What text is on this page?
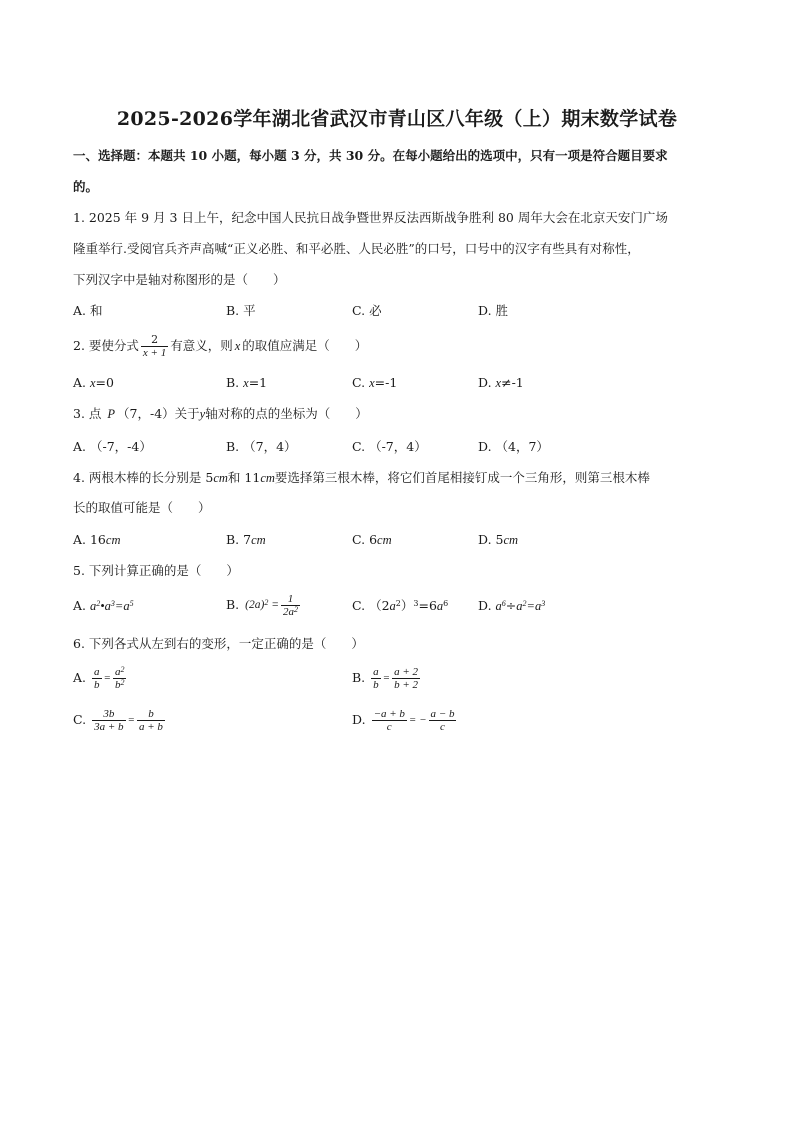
2025-2026学年湖北省武汉市青山区八年级（上）期末数学试卷
一、选择题：本题共 10 小题，每小题 3 分，共 30 分。在每小题给出的选项中，只有一项是符合题目要求
的。
1. 2025 年 9 月 3 日上午，纪念中国人民抗日战争暨世界反法西斯战争胜利 80 周年大会在北京天安门广场
隆重举行.受阅官兵齐声高喊“正义必胜、和平必胜、人民必胜”的口号，口号中的汉字有些具有对称性，
下列汉字中是轴对称图形的是（　　）
A. 和	B. 平	C. 必	D. 胜
2. 要使分式 $\frac{2}{x + 1}$ 有意义，则 x 的取值应满足（　　）
A. x=0	B. x=1	C. x=-1	D. x≠-1
3. 点 P （7，-4）关于y轴对称的点的坐标为（　　）
A. （-7，-4）	B. （7，4）	C. （-7，4）	D. （4，7）
4. 两根木棒的长分别是 5cm和 11cm要选择第三根木棒，将它们首尾相接钉成一个三角形，则第三根木棒
长的取值可能是（　　）
A. 16cm	B. 7cm	C. 6cm	D. 5cm
5. 下列计算正确的是（　　）
A. $a^2•a^3=a^5$	B. $(2a)^2 = \frac{1}{2a^2}$	C. $(2a^2)^3=6a^6$ D. $a^6\div a^2=a^3$
6. 下列各式从左到右的变形，一定正确的是（　　）
A. $\frac{a}{b} = \frac{a^2}{b^2}$	B. $\frac{a}{b} = \frac{a + 2}{b + 2}$
C. $\frac{3b}{3a + b} = \frac{b}{a + b}$	D. $\frac{-a + b}{c}$ = − $\frac{a - b}{c}$
